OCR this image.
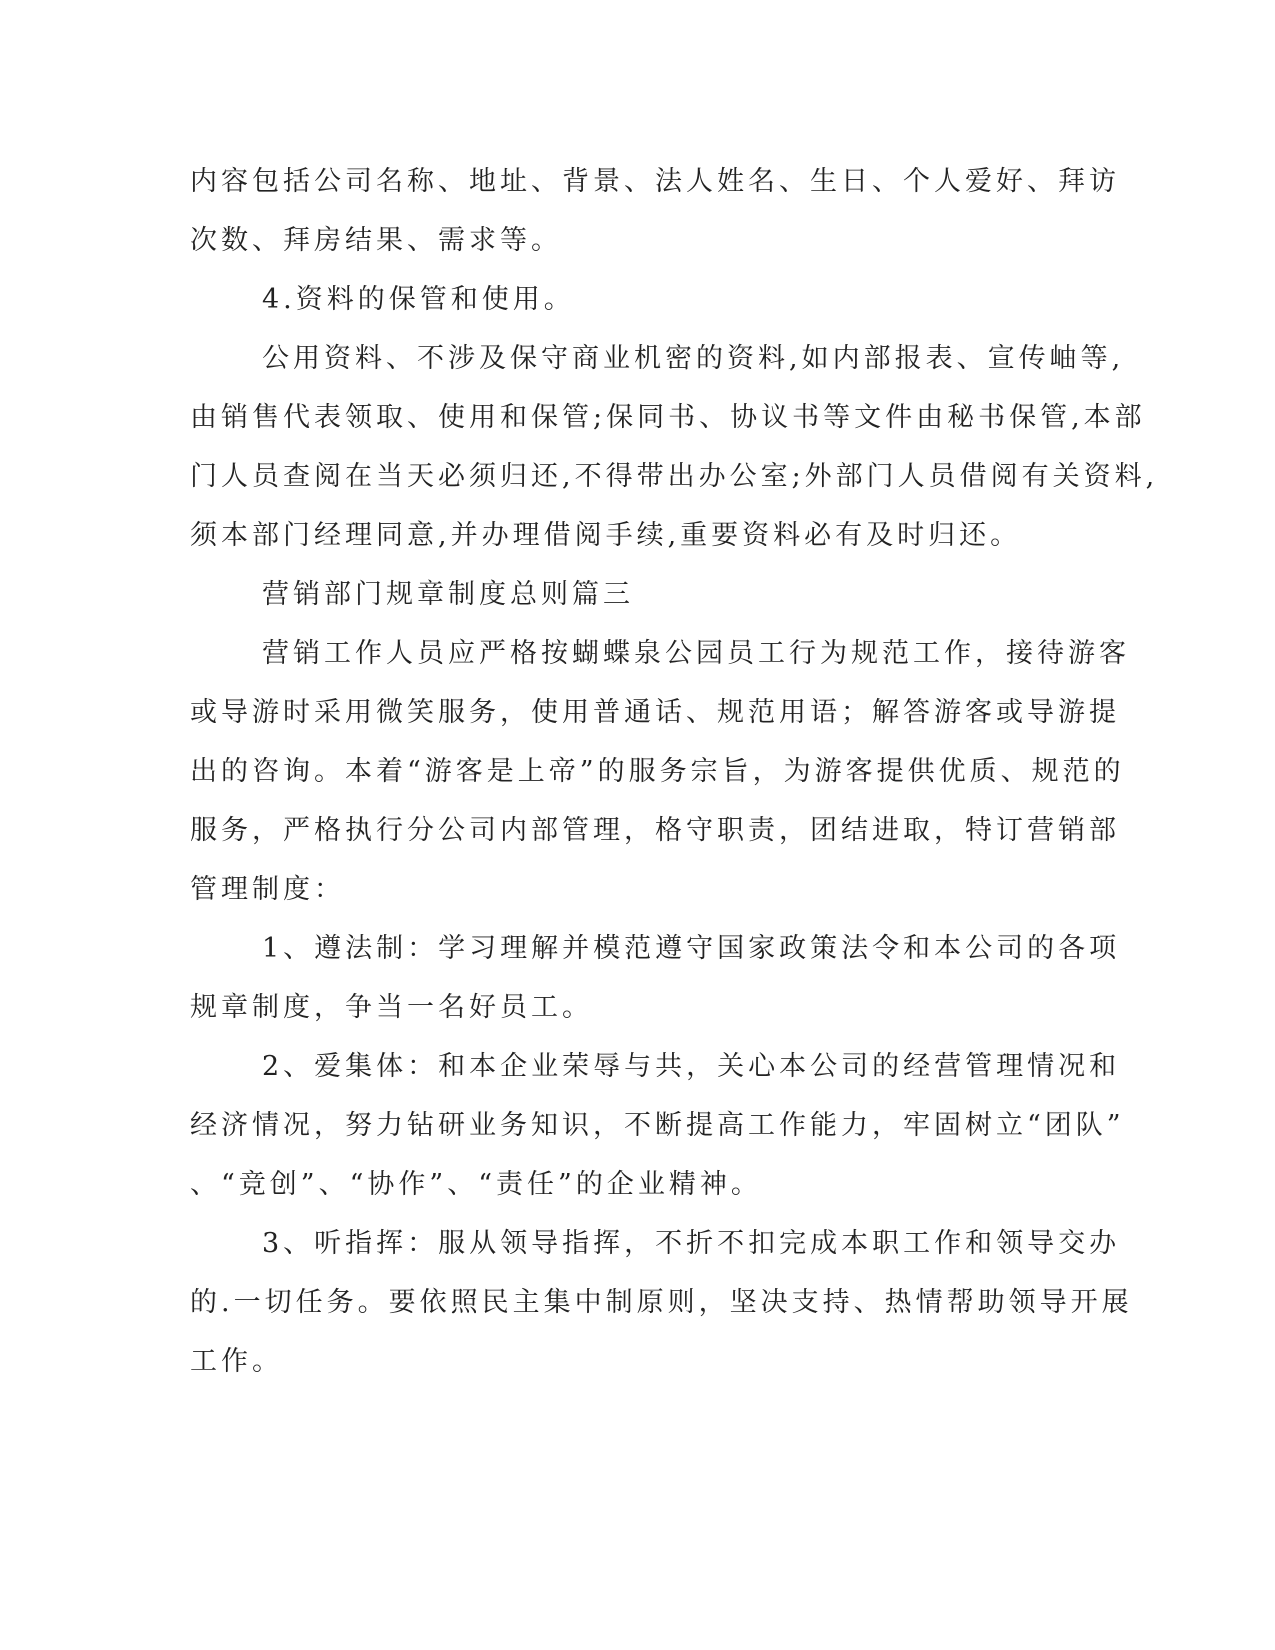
内容包括公司名称、地址、背景、法人姓名、生日、个人爱好、拜访

次数、拜房结果、需求等。

4.资料的保管和使用。

公用资料、不涉及保守商业机密的资料,如内部报表、宣传岫等,

由销售代表领取、使用和保管;保同书、协议书等文件由秘书保管,本部

门人员查阅在当天必须归还,不得带出办公室;外部门人员借阅有关资料,

须本部门经理同意,并办理借阅手续,重要资料必有及时归还。

营销部门规章制度总则篇三

营销工作人员应严格按蝴蝶泉公园员工行为规范工作，接待游客

或导游时采用微笑服务，使用普通话、规范用语；解答游客或导游提

出的咨询。本着“游客是上帝”的服务宗旨，为游客提供优质、规范的

服务，严格执行分公司内部管理，格守职责，团结进取，特订营销部

管理制度：

1、遵法制：学习理解并模范遵守国家政策法令和本公司的各项

规章制度，争当一名好员工。

2、爱集体：和本企业荣辱与共，关心本公司的经营管理情况和

经济情况，努力钻研业务知识，不断提高工作能力，牢固树立“团队”

、“竞创”、“协作”、“责任”的企业精神。

3、听指挥：服从领导指挥，不折不扣完成本职工作和领导交办

的.一切任务。要依照民主集中制原则，坚决支持、热情帮助领导开展

工作。
